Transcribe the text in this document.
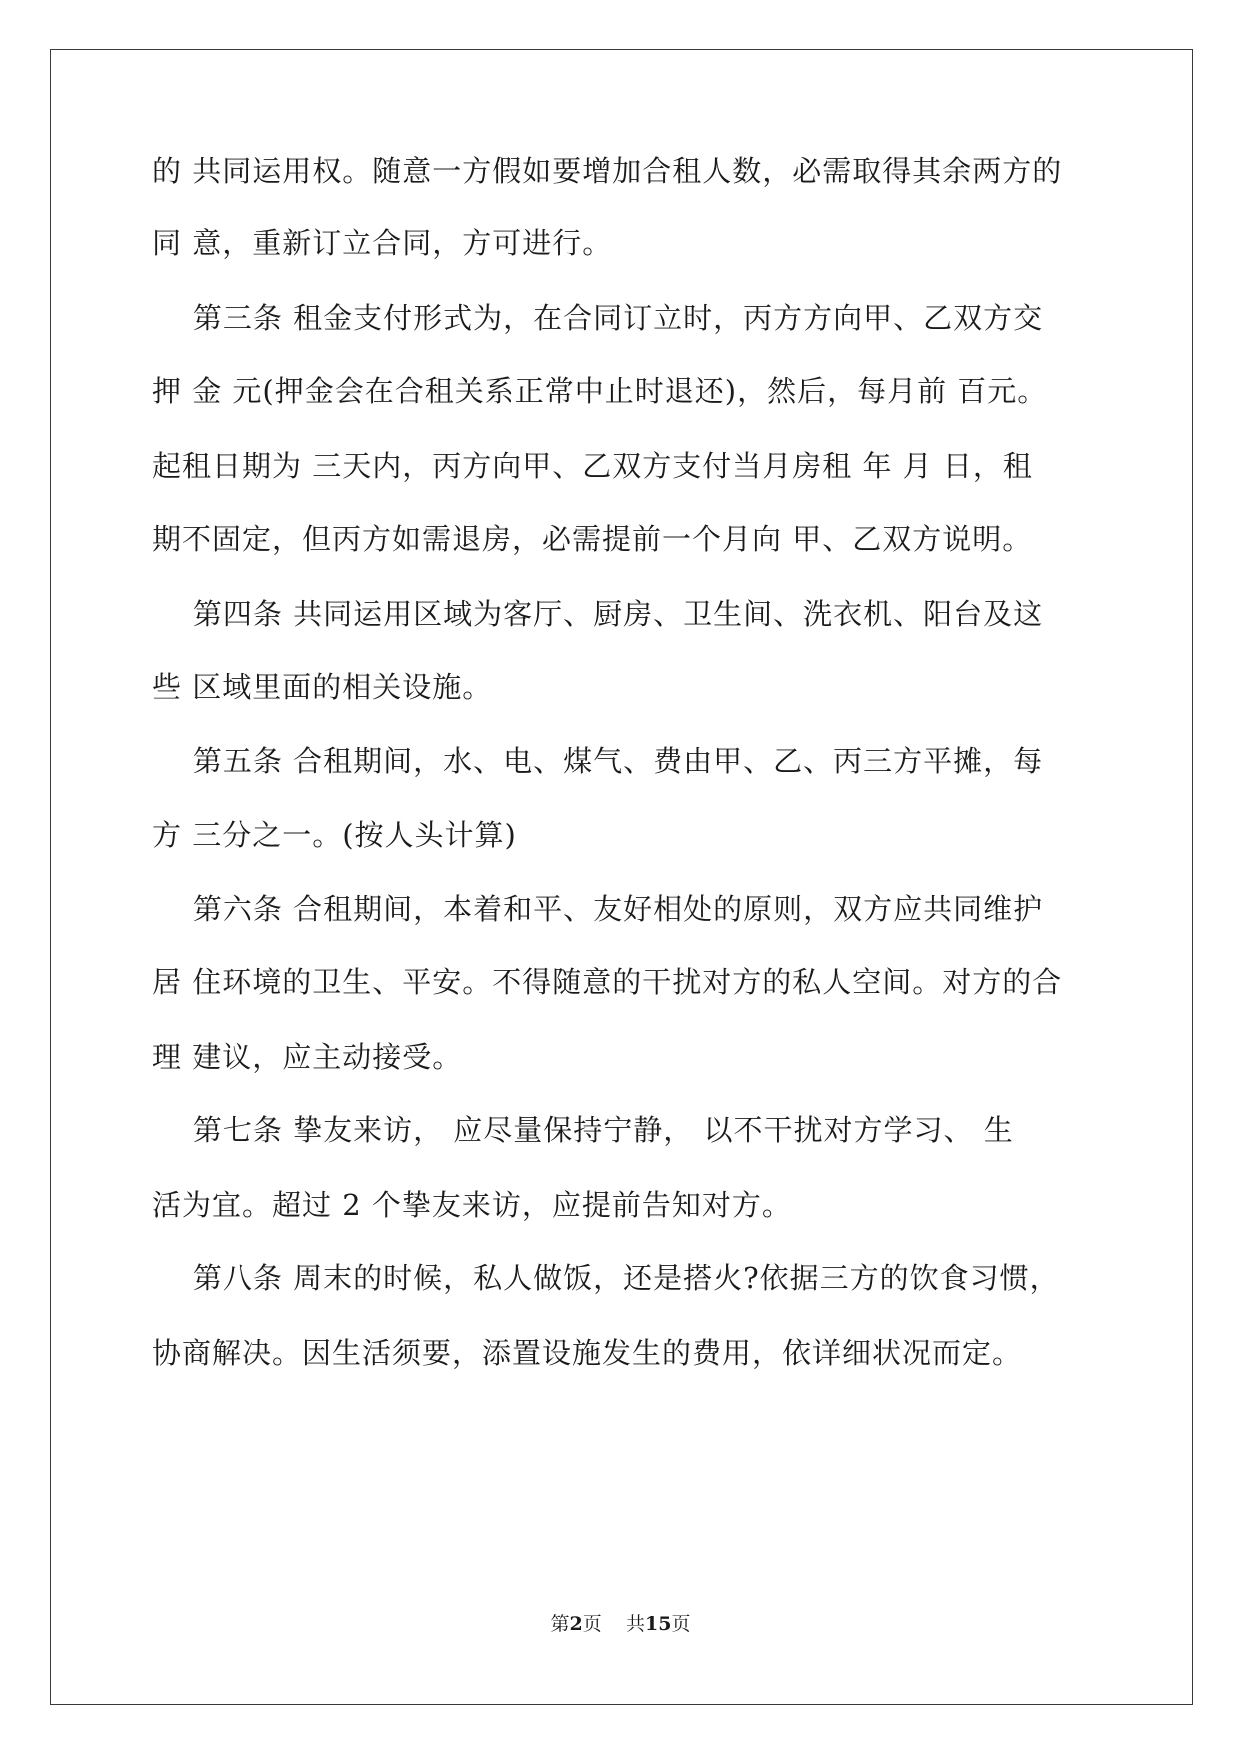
的 共同运用权。随意一方假如要增加合租人数，必需取得其余两方的
同 意，重新订立合同，方可进行。
第三条 租金支付形式为，在合同订立时，丙方方向甲、乙双方交
押 金 元(押金会在合租关系正常中止时退还)，然后，每月前 百元。
起租日期为 三天内，丙方向甲、乙双方支付当月房租 年 月 日，租
期不固定，但丙方如需退房，必需提前一个月向 甲、乙双方说明。
第四条 共同运用区域为客厅、厨房、卫生间、洗衣机、阳台及这
些 区域里面的相关设施。
第五条 合租期间，水、电、煤气、费由甲、乙、丙三方平摊，每
方 三分之一。(按人头计算)
第六条 合租期间，本着和平、友好相处的原则，双方应共同维护
居 住环境的卫生、平安。不得随意的干扰对方的私人空间。对方的合
理 建议，应主动接受。
第七条 挚友来访， 应尽量保持宁静， 以不干扰对方学习、 生
活为宜。超过 2 个挚友来访，应提前告知对方。
第八条 周末的时候，私人做饭，还是搭火?依据三方的饮食习惯，
协商解决。因生活须要，添置设施发生的费用，依详细状况而定。
第2页 共15页
